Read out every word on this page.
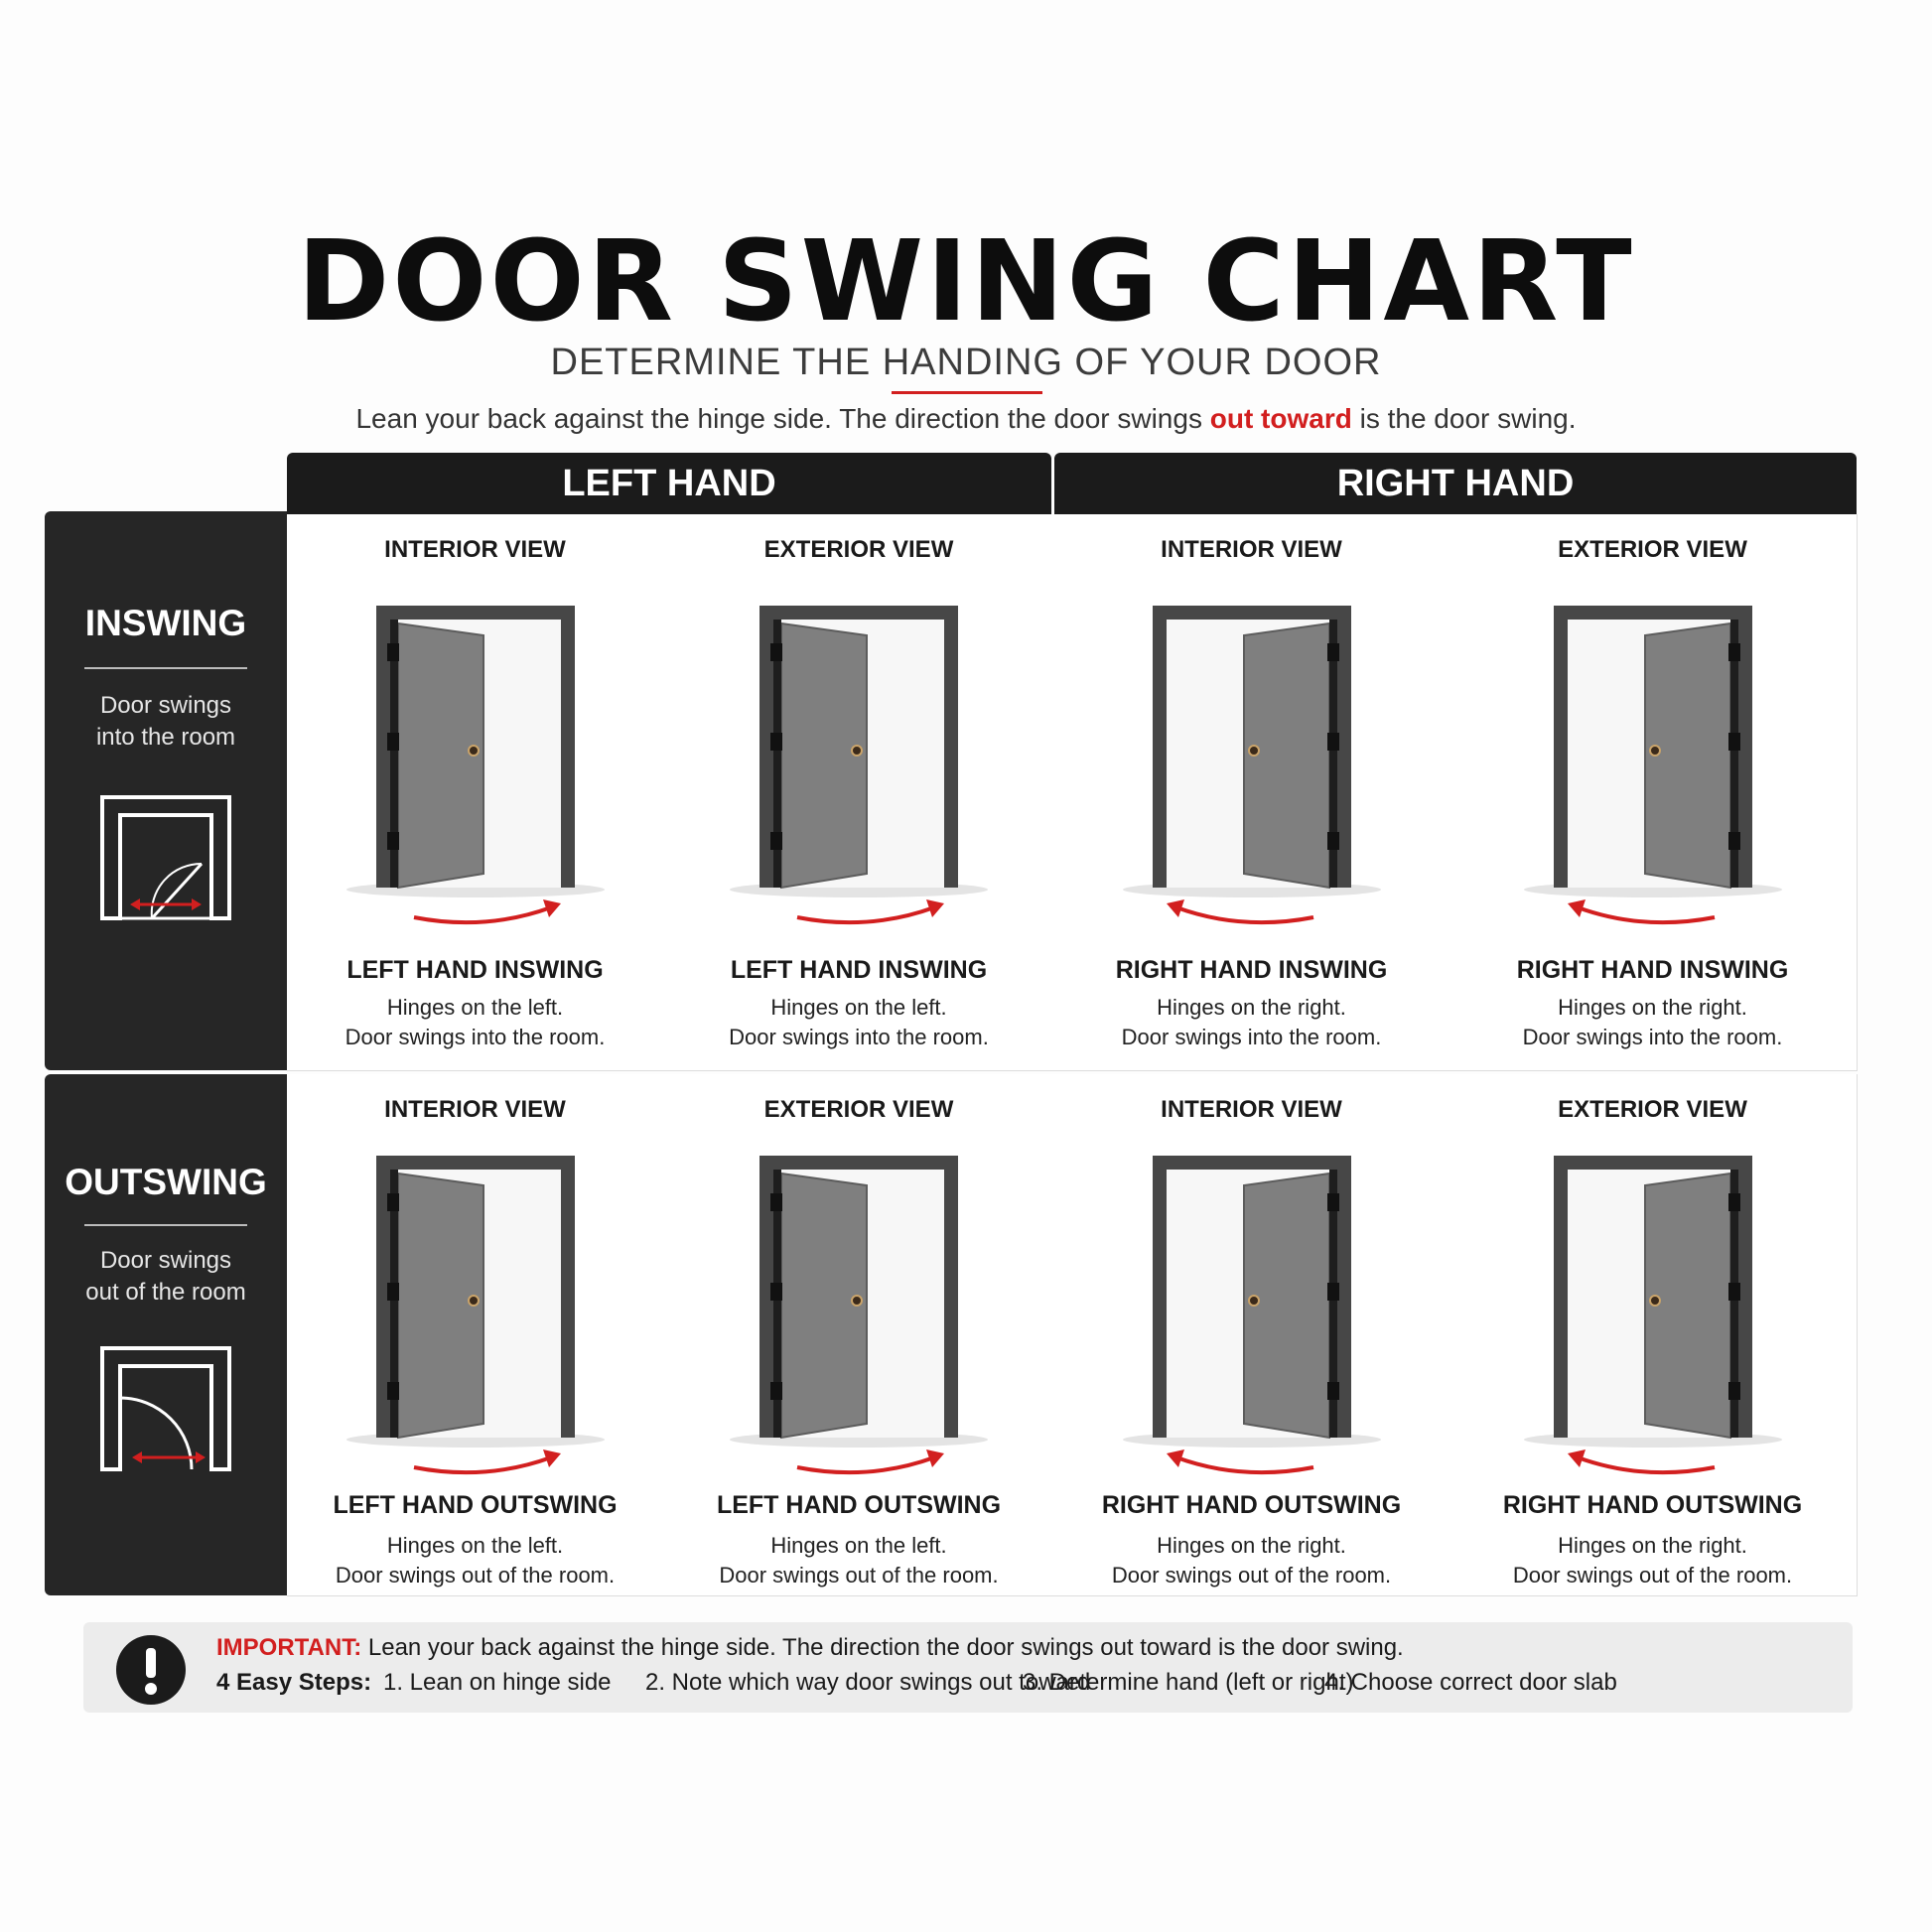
DOOR SWING CHART
DETERMINE THE HANDING OF YOUR DOOR
Lean your back against the hinge side. The direction the door swings out toward is the door swing.
LEFT HAND	RIGHT HAND
INSWING
Door swings
into the room
OUTSWING
Door swings
out of the room
INTERIOR VIEW
LEFT HAND INSWING
Hinges on the left.
Door swings into the room.
EXTERIOR VIEW
LEFT HAND INSWING
Hinges on the left.
Door swings into the room.
INTERIOR VIEW
RIGHT HAND INSWING
Hinges on the right.
Door swings into the room.
EXTERIOR VIEW
RIGHT HAND INSWING
Hinges on the right.
Door swings into the room.
INTERIOR VIEW
LEFT HAND OUTSWING
Hinges on the left.
Door swings out of the room.
EXTERIOR VIEW
LEFT HAND OUTSWING
Hinges on the left.
Door swings out of the room.
INTERIOR VIEW
RIGHT HAND OUTSWING
Hinges on the right.
Door swings out of the room.
EXTERIOR VIEW
RIGHT HAND OUTSWING
Hinges on the right.
Door swings out of the room.
IMPORTANT: Lean your back against the hinge side. The direction the door swings out toward is the door swing.
4 Easy Steps: 1. Lean on hinge side 2. Note which way door swings out toward
3. Determine hand (left or right)
4. Choose correct door slab
